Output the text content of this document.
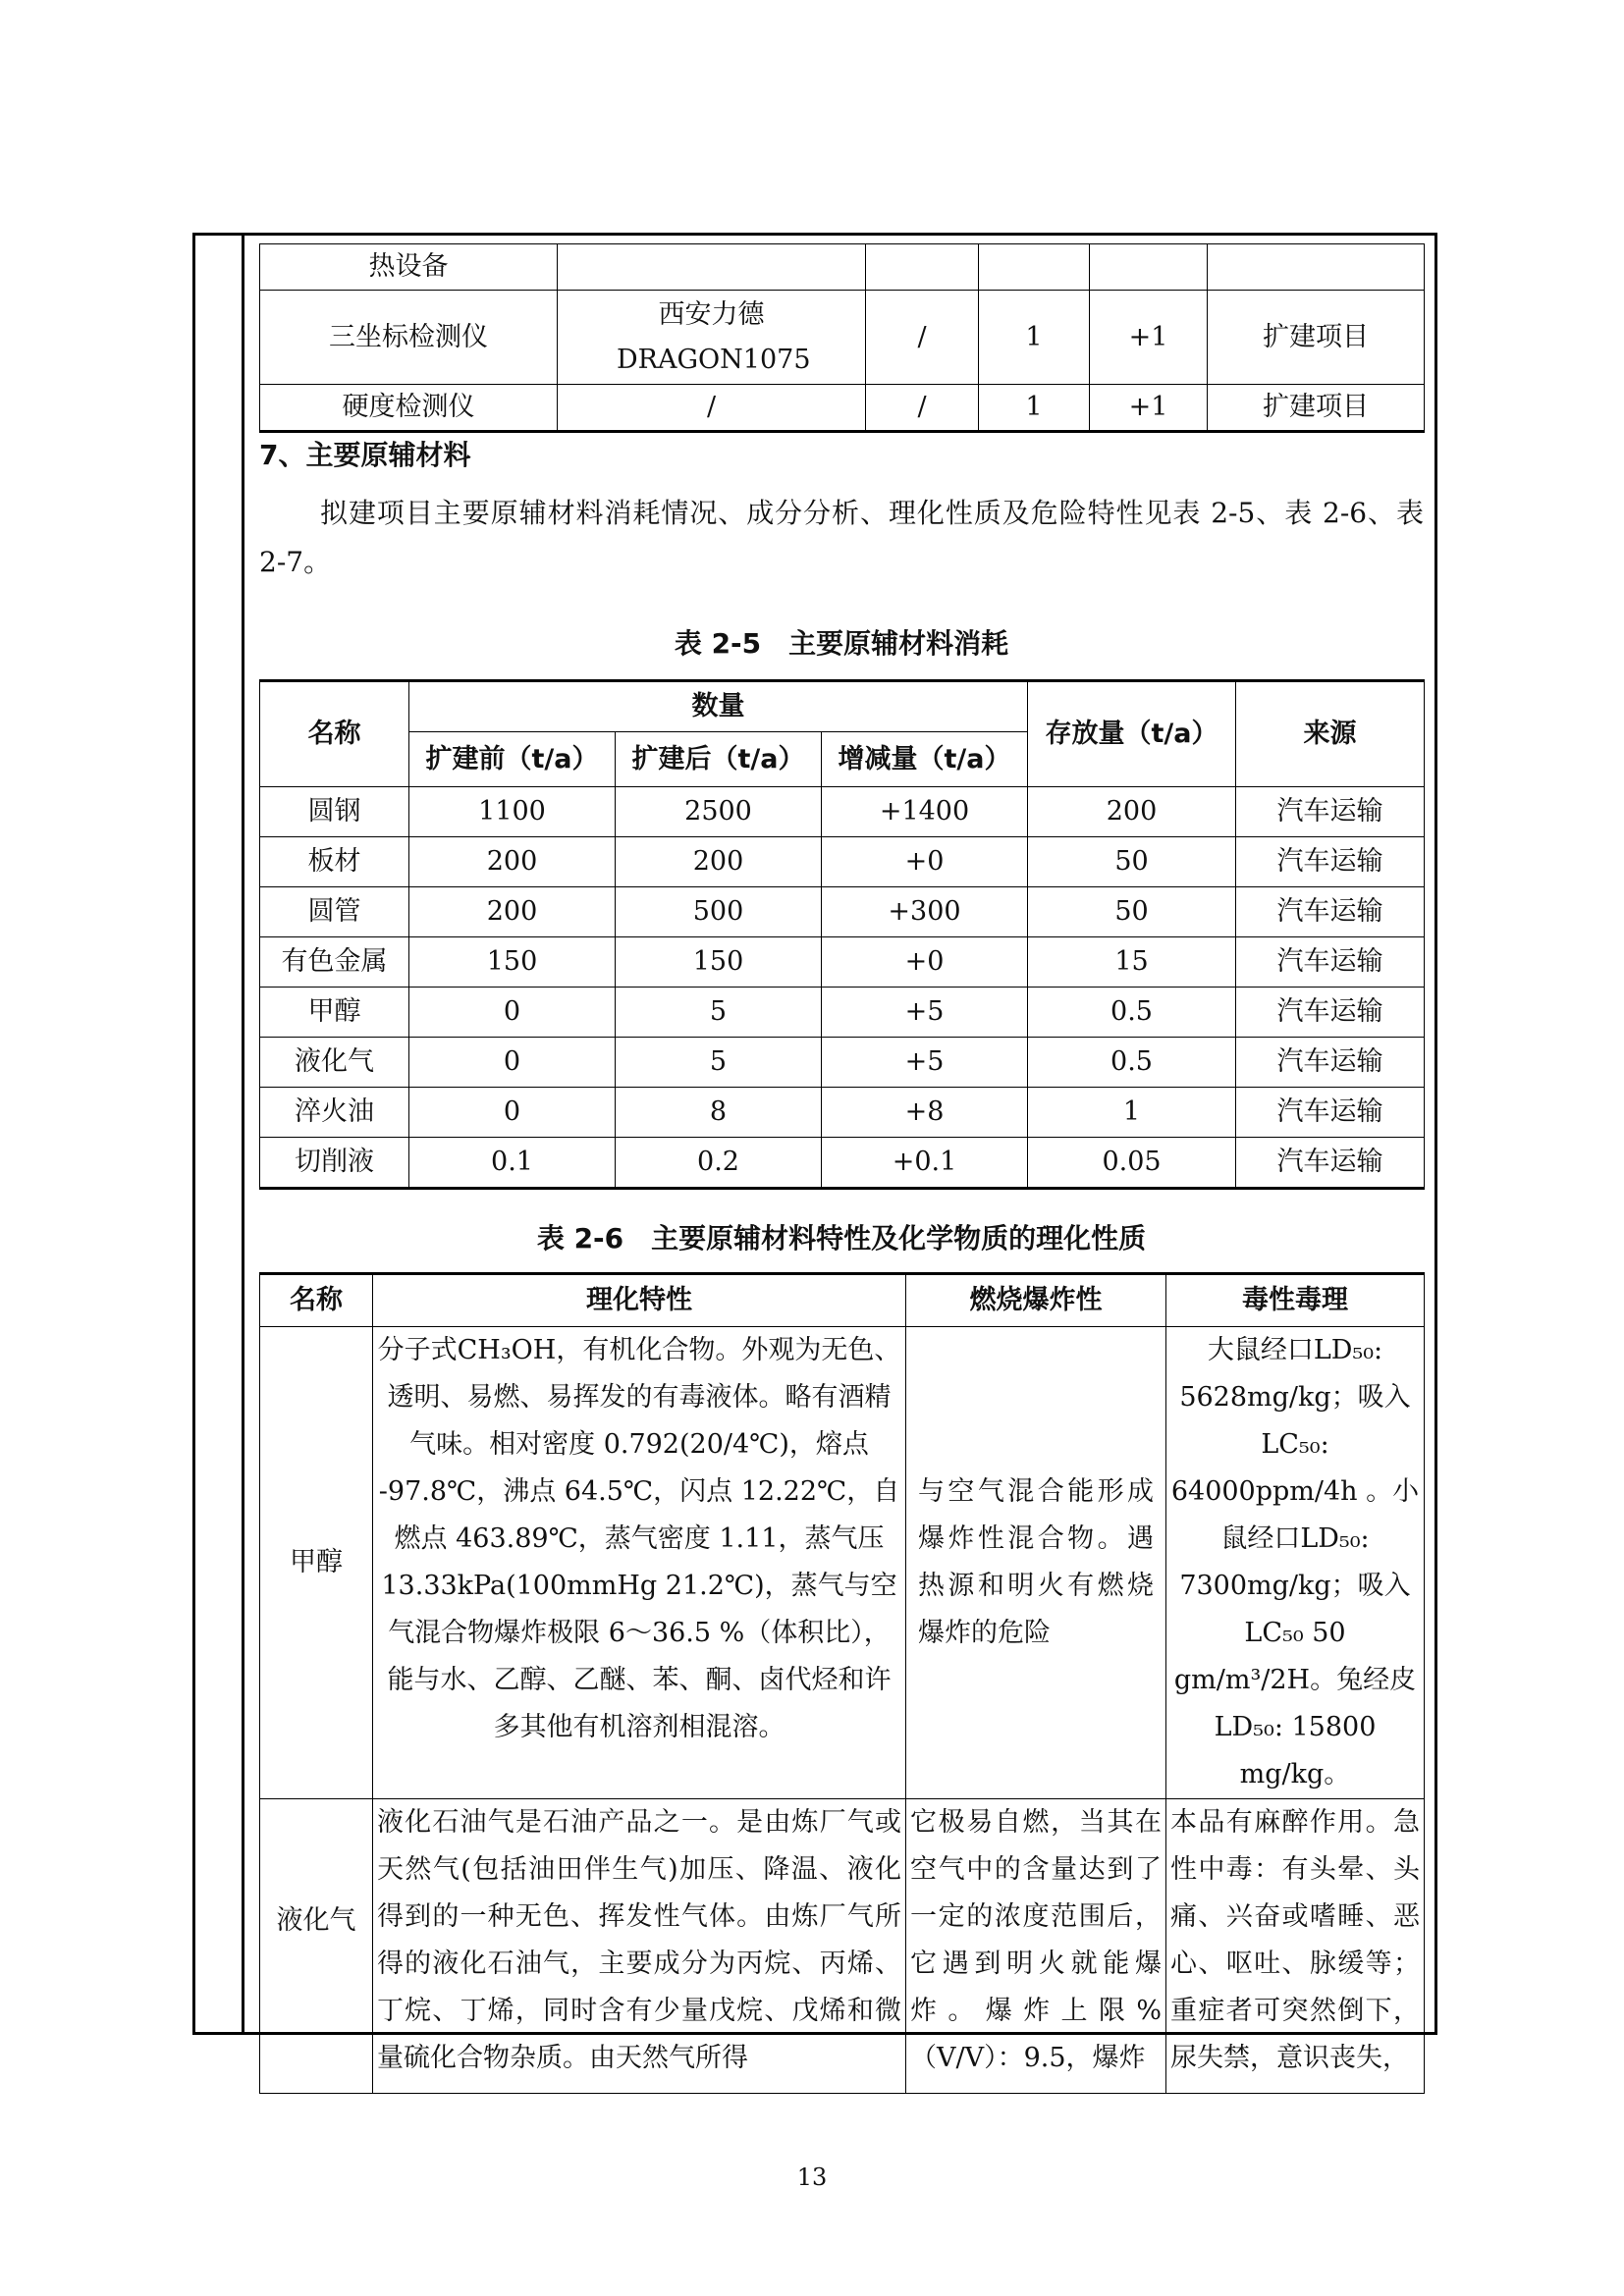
热设备					
三坐标检测仪	西安力德 DRAGON1075	/	1	+1	扩建项目
硬度检测仪	/	/	1	+1	扩建项目
7、主要原辅材料

拟建项目主要原辅材料消耗情况、成分分析、理化性质及危险特性见表 2-5、表 2-6、表 2-7。

表 2-5　主要原辅材料消耗
名称	数量			存放量（t/a）	来源
	扩建前（t/a）	扩建后（t/a）	增减量（t/a）		
圆钢	1100	2500	+1400	200	汽车运输
板材	200	200	+0	50	汽车运输
圆管	200	500	+300	50	汽车运输
有色金属	150	150	+0	15	汽车运输
甲醇	0	5	+5	0.5	汽车运输
液化气	0	5	+5	0.5	汽车运输
淬火油	0	8	+8	1	汽车运输
切削液	0.1	0.2	+0.1	0.05	汽车运输
表 2-6　主要原辅材料特性及化学物质的理化性质
名称	理化特性	燃烧爆炸性	毒性毒理
甲醇	分子式CH₃OH，有机化合物。外观为无色、透明、易燃、易挥发的有毒液体。略有酒精气味。相对密度 0.792(20/4℃)，熔点 -97.8℃，沸点 64.5℃，闪点 12.22℃，自燃点 463.89℃，蒸气密度 1.11，蒸气压 13.33kPa(100mmHg 21.2℃)，蒸气与空气混合物爆炸极限 6～36.5 %（体积比），能与水、乙醇、乙醚、苯、酮、卤代烃和许多其他有机溶剂相混溶。	与空气混合能形成爆炸性混合物。遇热源和明火有燃烧爆炸的危险	大鼠经口LD₅₀: 5628mg/kg；吸入LC₅₀: 64000ppm/4h 。小鼠经口LD₅₀: 7300mg/kg；吸入LC₅₀ 50 gm/m³/2H。兔经皮LD₅₀: 15800 mg/kg。
液化气	液化石油气是石油产品之一。是由炼厂气或天然气(包括油田伴生气)加压、降温、液化得到的一种无色、挥发性气体。由炼厂气所得的液化石油气，主要成分为丙烷、丙烯、丁烷、丁烯，同时含有少量戊烷、戊烯和微量硫化合物杂质。由天然气所得	它极易自燃，当其在空气中的含量达到了一定的浓度范围后，它遇到明火就能爆炸。爆炸上限%（V/V）：9.5，爆炸	本品有麻醉作用。急性中毒：有头晕、头痛、兴奋或嗜睡、恶心、呕吐、脉缓等；重症者可突然倒下，尿失禁，意识丧失，
13
